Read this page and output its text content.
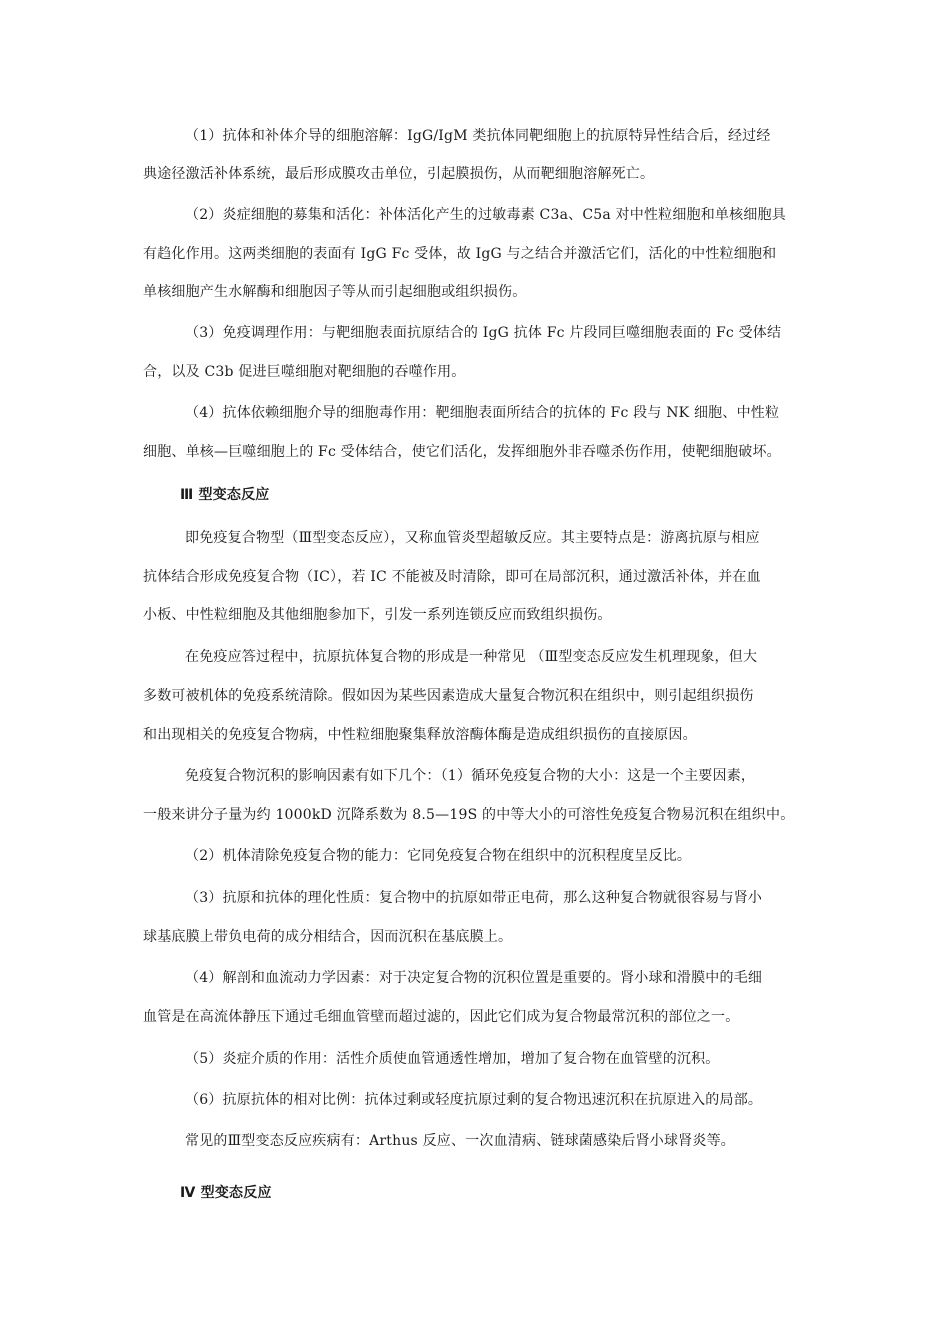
（1）抗体和补体介导的细胞溶解：IgG/IgM 类抗体同靶细胞上的抗原特异性结合后，经过经
典途径激活补体系统，最后形成膜攻击单位，引起膜损伤，从而靶细胞溶解死亡。
（2）炎症细胞的募集和活化：补体活化产生的过敏毒素 C3a、C5a 对中性粒细胞和单核细胞具
有趋化作用。这两类细胞的表面有 IgG Fc 受体，故 IgG 与之结合并激活它们，活化的中性粒细胞和
单核细胞产生水解酶和细胞因子等从而引起细胞或组织损伤。
（3）免疫调理作用：与靶细胞表面抗原结合的 IgG 抗体 Fc 片段同巨噬细胞表面的 Fc 受体结
合，以及 C3b 促进巨噬细胞对靶细胞的吞噬作用。
（4）抗体依赖细胞介导的细胞毒作用：靶细胞表面所结合的抗体的 Fc 段与 NK 细胞、中性粒
细胞、单核—巨噬细胞上的 Fc 受体结合，使它们活化，发挥细胞外非吞噬杀伤作用，使靶细胞破坏。
Ⅲ 型变态反应
即免疫复合物型（Ⅲ型变态反应），又称血管炎型超敏反应。其主要特点是：游离抗原与相应
抗体结合形成免疫复合物（IC），若 IC 不能被及时清除，即可在局部沉积，通过激活补体，并在血
小板、中性粒细胞及其他细胞参加下，引发一系列连锁反应而致组织损伤。
在免疫应答过程中，抗原抗体复合物的形成是一种常见 （Ⅲ型变态反应发生机理现象，但大
多数可被机体的免疫系统清除。假如因为某些因素造成大量复合物沉积在组织中，则引起组织损伤
和出现相关的免疫复合物病，中性粒细胞聚集释放溶酶体酶是造成组织损伤的直接原因。
免疫复合物沉积的影响因素有如下几个：（1）循环免疫复合物的大小：这是一个主要因素，
一般来讲分子量为约 1000kD 沉降系数为 8.5—19S 的中等大小的可溶性免疫复合物易沉积在组织中。
（2）机体清除免疫复合物的能力：它同免疫复合物在组织中的沉积程度呈反比。
（3）抗原和抗体的理化性质：复合物中的抗原如带正电荷，那么这种复合物就很容易与肾小
球基底膜上带负电荷的成分相结合，因而沉积在基底膜上。
（4）解剖和血流动力学因素：对于决定复合物的沉积位置是重要的。肾小球和滑膜中的毛细
血管是在高流体静压下通过毛细血管壁而超过滤的，因此它们成为复合物最常沉积的部位之一。
（5）炎症介质的作用：活性介质使血管通透性增加，增加了复合物在血管壁的沉积。
（6）抗原抗体的相对比例：抗体过剩或轻度抗原过剩的复合物迅速沉积在抗原进入的局部。
常见的Ⅲ型变态反应疾病有：Arthus 反应、一次血清病、链球菌感染后肾小球肾炎等。
Ⅳ 型变态反应
